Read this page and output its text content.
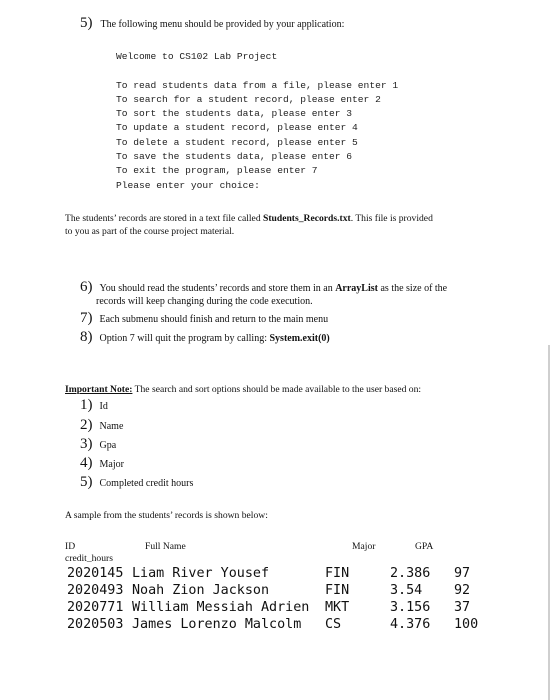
5) The following menu should be provided by your application:
Welcome to CS102 Lab Project
To read students data from a file, please enter 1
To search for a student record, please enter 2
To sort the students data, please enter 3
To update a student record, please enter 4
To delete a student record, please enter 5
To save the students data, please enter 6
To exit the program, please enter 7
Please enter your choice:
The students’ records are stored in a text file called Students_Records.txt. This file is provided
to you as part of the course project material.
6) You should read the students’ records and store them in an ArrayList as the size of the
records will keep changing during the code execution.
7) Each submenu should finish and return to the main menu
8) Option 7 will quit the program by calling: System.exit(0)
Important Note: The search and sort options should be made available to the user based on:
1) Id
2) Name
3) Gpa
4) Major
5) Completed credit hours
A sample from the students’ records is shown below:
ID	Full Name	Major	GPA
credit_hours
2020145 Liam River Yousef	FIN	2.386 97
2020493 Noah Zion Jackson	FIN	3.54 92
2020771 William Messiah Adrien MKT	3.156 37
2020503 James Lorenzo Malcolm CS	4.376 100
